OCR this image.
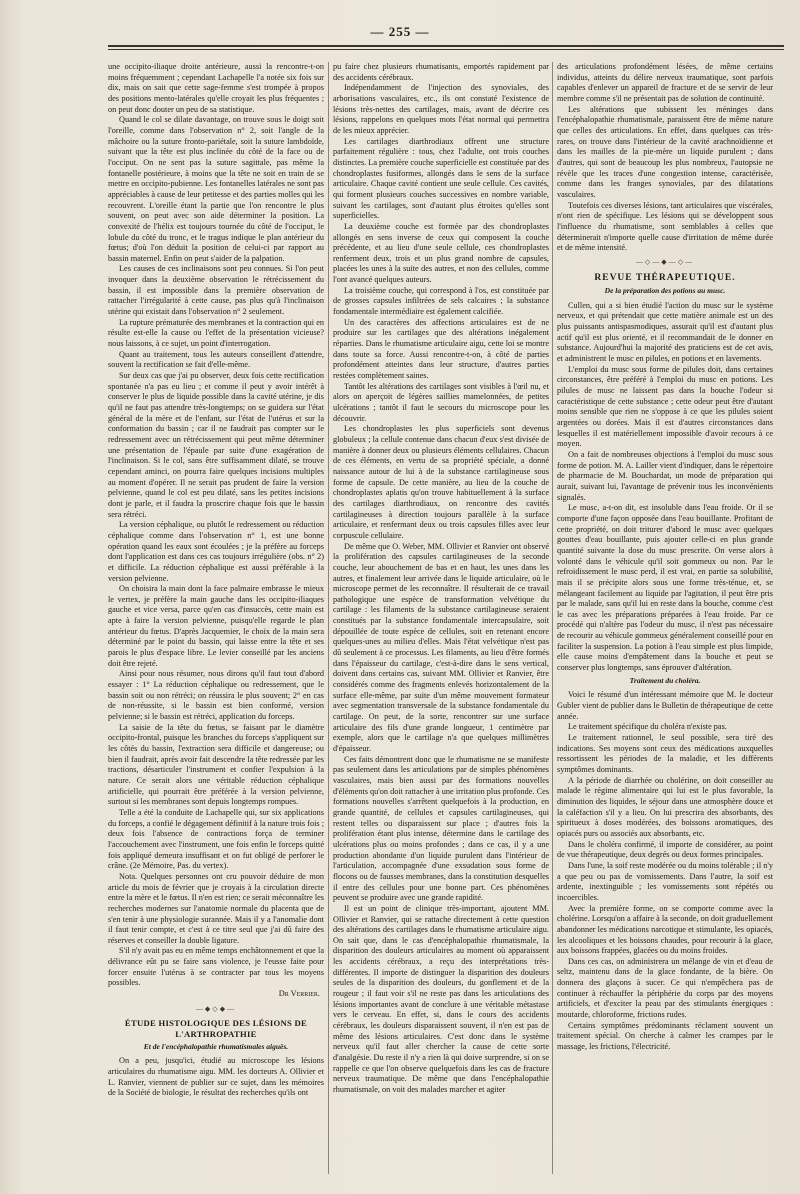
— 255 —

une occipito-iliaque droite antérieure, aussi la rencontre-t-on moins fréquemment ; cependant Lachapelle l'a notée six fois sur dix, mais on sait que cette sage-femme s'est trompée à propos des positions mento-latérales qu'elle croyait les plus fréquentes ; on peut donc douter un peu de sa statistique.

Quand le col se dilate davantage, on trouve sous le doigt soit l'oreille, comme dans l'observation n° 2, soit l'angle de la mâchoire ou la suture fronto-pariétale, soit la suture lambdoïde, suivant que la tête est plus inclinée du côté de la face ou de l'occiput. On ne sent pas la suture sagittale, pas même la fontanelle postérieure, à moins que la tête ne soit en train de se mettre en occipito-pubienne. Les fontanelles latérales ne sont pas appréciables à cause de leur petitesse et des parties molles qui les recouvrent. L'oreille étant la partie que l'on rencontre le plus souvent, on peut avec son aide déterminer la position. La convexité de l'hélix est toujours tournée du côté de l'occiput, le lobule du côté du tronc, et le tragus indique le plan antérieur du fœtus; d'où l'on déduit la position de celui-ci par rapport au bassin maternel. Enfin on peut s'aider de la palpation.

Les causes de ces inclinaisons sont peu connues. Si l'on peut invoquer dans la deuxième observation le rétrécissement du bassin, il est impossible dans la première observation de rattacher l'irrégularité à cette cause, pas plus qu'à l'inclinaison utérine qui existait dans l'observation n° 2 seulement.

La rupture prématurée des membranes et la contraction qui en résulte est-elle la cause ou l'effet de la présentation vicieuse? nous laissons, à ce sujet, un point d'interrogation.

Quant au traitement, tous les auteurs conseillent d'attendre, souvent la rectification se fait d'elle-même.

Sur deux cas que j'ai pu observer, deux fois cette rectification spontanée n'a pas eu lieu ; et comme il peut y avoir intérêt à conserver le plus de liquide possible dans la cavité utérine, je dis qu'il ne faut pas attendre très-longtemps; on se guidera sur l'état général de la mère et de l'enfant, sur l'état de l'utérus et sur la conformation du bassin ; car il ne faudrait pas compter sur le redressement avec un rétrécissement qui peut même déterminer une présentation de l'épaule par suite d'une exagération de l'inclinaison. Si le col, sans être suffisamment dilaté, se trouve cependant aminci, on pourra faire quelques incisions multiples au moment d'opérer. Il ne serait pas prudent de faire la version pelvienne, quand le col est peu dilaté, sans les petites incisions dont je parle, et il faudra la proscrire chaque fois que le bassin sera rétréci.

La version céphalique, ou plutôt le redressement ou réduction céphalique comme dans l'observation n° 1, est une bonne opération quand les eaux sont écoulées ; je la préfère au forceps dont l'application est dans ces cas toujours irrégulière (obs. n° 2) et difficile. La réduction céphalique est aussi préférable à la version pelvienne.

On choisira la main dont la face palmaire embrasse le mieux le vertex, je préfère la main gauche dans les occipito-iliaques gauche et vice versa, parce qu'en cas d'insuccès, cette main est apte à faire la version pelvienne, puisqu'elle regarde le plan antérieur du fœtus. D'après Jacquemier, le choix de la main sera déterminé par le point du bassin, qui laisse entre la tête et ses parois le plus d'espace libre. Le levier conseillé par les anciens doit être rejeté.

Ainsi pour nous résumer, nous dirons qu'il faut tout d'abord essayer : 1° La réduction céphalique ou redressement, que le bassin soit ou non rétréci; on réussira le plus souvent; 2° en cas de non-réussite, si le bassin est bien conformé, version pelvienne; si le bassin est rétréci, application du forceps.

La saisie de la tête du fœtus, se faisant par le diamètre occipito-frontal, puisque les branches du forceps s'appliquent sur les côtés du bassin, l'extraction sera difficile et dangereuse; ou bien il faudrait, après avoir fait descendre la tête redressée par les tractions, désarticuler l'instrument et confier l'expulsion à la nature. Ce serait alors une véritable réduction céphalique artificielle, qui pourrait être préférée à la version pelvienne, surtout si les membranes sont depuis longtemps rompues.

Telle a été la conduite de Lachapelle qui, sur six applications du forceps, a confié le dégagement définitif à la nature trois fois ; deux fois l'absence de contractions força de terminer l'accouchement avec l'instrument, une fois enfin le forceps quitté fois appliqué demeura insuffisant et on fut obligé de perforer le crâne. (2e Mémoire, Pas. du vertex).

Nota. Quelques personnes ont cru pouvoir déduire de mon article du mois de février que je croyais à la circulation directe entre la mère et le fœtus. Il n'en est rien; ce serait méconnaître les recherches modernes sur l'anatomie normale du placenta que de s'en tenir à une physiologie surannée. Mais il y a l'anomalie dont il faut tenir compte, et c'est à ce titre seul que j'ai dû faire des réserves et conseiller la double ligature.

S'il n'y avait pas eu en même temps enchâtonnement et que la délivrance eût pu se faire sans violence, je l'eusse faite pour forcer ensuite l'utérus à se contracter par tous les moyens possibles.

Dr Verrier.
—◆◇◆—
ÉTUDE HISTOLOGIQUE DES LÉSIONS DE L'ARTHROPATHIE
Et de l'encéphalopathie rhumatismales aiguës.

On a peu, jusqu'ici, étudié au microscope les lésions articulaires du rhumatisme aigu. MM. les docteurs A. Ollivier et L. Ranvier, viennent de publier sur ce sujet, dans les mémoires de la Société de biologie, le résultat des recherches qu'ils ont

pu faire chez plusieurs rhumatisants, emportés rapidement par des accidents cérébraux.

Indépendamment de l'injection des synoviales, des arborisations vasculaires, etc., ils ont constaté l'existence de lésions très-nettes des cartilages, mais, avant de décrire ces lésions, rappelons en quelques mots l'état normal qui permettra de les mieux apprécier.

Les cartilages diarthrodiaux offrent une structure parfaitement régulière : tous, chez l'adulte, ont trois couches distinctes. La première couche superficielle est constituée par des chondroplastes fusiformes, allongés dans le sens de la surface articulaire. Chaque cavité contient une seule cellule. Ces cavités, qui forment plusieurs couches successives en nombre variable, suivant les cartilages, sont d'autant plus étroites qu'elles sont superficielles.

La deuxième couche est formée par des chondroplastes allongés en sens inverse de ceux qui composent la couche précédente, et au lieu d'une seule cellule, ces chondroplastes renferment deux, trois et un plus grand nombre de capsules, placées les unes à la suite des autres, et non des cellules, comme l'ont avancé quelques auteurs.

La troisième couche, qui correspond à l'os, est constituée par de grosses capsules infiltrées de sels calcaires ; la substance fondamentale intermédiaire est également calcifiée.

Un des caractères des affections articulaires est de ne produire sur les cartilages que des altérations inégalement réparties. Dans le rhumatisme articulaire aigu, cette loi se montre dans toute sa force. Aussi rencontre-t-on, à côté de parties profondément atteintes dans leur structure, d'autres parties restées complètement saines.

Tantôt les altérations des cartilages sont visibles à l'œil nu, et alors on aperçoit de légères saillies mamelonnées, de petites ulcérations ; tantôt il faut le secours du microscope pour les découvrir.

Les chondroplastes les plus superficiels sont devenus globuleux ; la cellule contenue dans chacun d'eux s'est divisée de manière à donner deux ou plusieurs éléments cellulaires. Chacun de ces éléments, en vertu de sa propriété spéciale, a donné naissance autour de lui à de la substance cartilagineuse sous forme de capsule. De cette manière, au lieu de la couche de chondroplastes aplatis qu'on trouve habituellement à la surface des cartilages diarthrodiaux, on rencontre des cavités cartilagineuses à direction toujours parallèle à la surface articulaire, et renfermant deux ou trois capsules filles avec leur corpuscule cellulaire.

De même que O. Weber, MM. Ollivier et Ranvier ont observé la prolifération des capsules cartilagineuses de la seconde couche, leur abouchement de bas et en haut, les unes dans les autres, et finalement leur arrivée dans le liquide articulaire, où le microscope permet de les reconnaître. Il résulterait de ce travail pathologique une espèce de transformation velvétique du cartilage : les filaments de la substance cartilagineuse seraient constitués par la substance fondamentale intercapsulaire, soit dépouillée de toute espèce de cellules, soit en retenant encore quelques-unes au milieu d'elles. Mais l'état velvétique n'est pas dû seulement à ce processus. Les filaments, au lieu d'être formés dans l'épaisseur du cartilage, c'est-à-dire dans le sens vertical, doivent dans certains cas, suivant MM. Ollivier et Ranvier, être considérés comme des fragments enlevés horizontalement de la surface elle-même, par suite d'un même mouvement formateur avec segmentation transversale de la substance fondamentale du cartilage. On peut, de la sorte, rencontrer sur une surface articulaire des fils d'une grande longueur, 1 centimètre par exemple, alors que le cartilage n'a que quelques millimètres d'épaisseur.

Ces faits démontrent donc que le rhumatisme ne se manifeste pas seulement dans les articulations par de simples phénomènes vasculaires, mais bien aussi par des formations nouvelles d'éléments qu'on doit rattacher à une irritation plus profonde. Ces formations nouvelles s'arrêtent quelquefois à la production, en grande quantité, de cellules et capsules cartilagineuses, qui restent telles ou disparaissent sur place ; d'autres fois la prolifération étant plus intense, détermine dans le cartilage des ulcérations plus ou moins profondes ; dans ce cas, il y a une production abondante d'un liquide purulent dans l'intérieur de l'articulation, accompagnée d'une exsudation sous forme de flocons ou de fausses membranes, dans la constitution desquelles il entre des cellules pour une bonne part. Ces phénomènes peuvent se produire avec une grande rapidité.

Il est un point de clinique très-important, ajoutent MM. Ollivier et Ranvier, qui se rattache directement à cette question des altérations des cartilages dans le rhumatisme articulaire aigu. On sait que, dans le cas d'encéphalopathie rhumatismale, la disparition des douleurs articulaires au moment où apparaissent les accidents cérébraux, a reçu des interprétations très-différentes. Il importe de distinguer la disparition des douleurs seules de la disparition des douleurs, du gonflement et de la rougeur ; il faut voir s'il ne reste pas dans les articulations des lésions importantes avant de conclure à une véritable métastase vers le cerveau. En effet, si, dans le cours des accidents cérébraux, les douleurs disparaissent souvent, il n'en est pas de même des lésions articulaires. C'est donc dans le système nerveux qu'il faut aller chercher la cause de cette sorte d'analgésie. Du reste il n'y a rien là qui doive surprendre, si on se rappelle ce que l'on observe quelquefois dans les cas de fracture nerveux traumatique. De même que dans l'encéphalopathie rhumatismale, on voit des malades marcher et agiter

des articulations profondément lésées, de même certains individus, atteints du délire nerveux traumatique, sont parfois capables d'enlever un appareil de fracture et de se servir de leur membre comme s'il ne présentait pas de solution de continuité.

Les altérations que subissent les méninges dans l'encéphalopathie rhumatismale, paraissent être de même nature que celles des articulations. En effet, dans quelques cas très-rares, on trouve dans l'intérieur de la cavité arachnoïdienne et dans les mailles de la pie-mère un liquide purulent ; dans d'autres, qui sont de beaucoup les plus nombreux, l'autopsie ne révèle que les traces d'une congestion intense, caractérisée, comme dans les franges synoviales, par des dilatations vasculaires.

Toutefois ces diverses lésions, tant articulaires que viscérales, n'ont rien de spécifique. Les lésions qui se développent sous l'influence du rhumatisme, sont semblables à celles que déterminerait n'importe quelle cause d'irritation de même durée et de même intensité.

—◇—◆—◇—
REVUE THÉRAPEUTIQUE.
De la préparation des potions au musc.

Cullen, qui a si bien étudié l'action du musc sur le système nerveux, et qui prétendait que cette matière animale est un des plus puissants antispasmodiques, assurait qu'il est d'autant plus actif qu'il est plus orienté, et il recommandait de le donner en substance. Aujourd'hui la majorité des praticiens est de cet avis, et administrent le musc en pilules, en potions et en lavements.

L'emploi du musc sous forme de pilules doit, dans certaines circonstances, être préféré à l'emploi du musc en potions. Les pilules de musc ne laissent pas dans la bouche l'odeur si caractéristique de cette substance ; cette odeur peut être d'autant moins sensible que rien ne s'oppose à ce que les pilules soient argentées ou dorées. Mais il est d'autres circonstances dans lesquelles il est matériellement impossible d'avoir recours à ce moyen.

On a fait de nombreuses objections à l'emploi du musc sous forme de potion. M. A. Lailler vient d'indiquer, dans le répertoire de pharmacie de M. Bouchardat, un mode de préparation qui aurait, suivant lui, l'avantage de prévenir tous les inconvénients signalés.

Le musc, a-t-on dit, est insoluble dans l'eau froide. Or il se comporte d'une façon opposée dans l'eau bouillante. Profitant de cette propriété, on doit triturer d'abord le musc avec quelques gouttes d'eau bouillante, puis ajouter celle-ci en plus grande quantité suivante la dose du musc prescrite. On verse alors à volonté dans le véhicule qu'il soit gommeux ou non. Par le refroidissement le musc perd, il est vrai, en partie sa solubilité, mais il se précipite alors sous une forme très-ténue, et, se mélangeant facilement au liquide par l'agitation, il peut être pris par le malade, sans qu'il lui en reste dans la bouche, comme c'est le cas avec les préparations préparées à l'eau froide. Par ce procédé qui n'altère pas l'odeur du musc, il n'est pas nécessaire de recourir au véhicule gommeux généralement conseillé pour en faciliter la suspension. La potion à l'eau simple est plus limpide, elle cause moins d'empâtement dans la bouche et peut se conserver plus longtemps, sans éprouver d'altération.

Traitement du choléra.

Voici le résumé d'un intéressant mémoire que M. le docteur Gubler vient de publier dans le Bulletin de thérapeutique de cette année.

Le traitement spécifique du choléra n'existe pas.

Le traitement rationnel, le seul possible, sera tiré des indications. Ses moyens sont ceux des médications auxquelles ressortissent les périodes de la maladie, et les différents symptômes dominants.

A la période de diarrhée ou cholérine, on doit conseiller au malade le régime alimentaire qui lui est le plus favorable, la diminution des liquides, le séjour dans une atmosphère douce et la caléfaction s'il y a lieu. On lui prescrira des absorbants, des spiritueux à doses modérées, des boissons aromatiques, des opiacés purs ou associés aux absorbants, etc.

Dans le choléra confirmé, il importe de considérer, au point de vue thérapeutique, deux degrés ou deux formes principales.

Dans l'une, la soif reste modérée ou du moins tolérable ; il n'y a que peu ou pas de vomissements. Dans l'autre, la soif est ardente, inextinguible ; les vomissements sont répétés ou incoercibles.

Avec la première forme, on se comporte comme avec la cholérine. Lorsqu'on a affaire à la seconde, on doit graduellement abandonner les médications narcotique et stimulante, les opiacés, les alcooliques et les boissons chaudes, pour recourir à la glace, aux boissons frappées, glacées ou du moins froides.

Dans ces cas, on administrera un mélange de vin et d'eau de seltz, maintenu dans de la glace fondante, de la bière. On donnera des glaçons à sucer. Ce qui n'empêchera pas de continuer à réchauffer la périphérie du corps par des moyens artificiels, et d'exciter la peau par des stimulants énergiques : moutarde, chloroforme, frictions rudes.

Certains symptômes prédominants réclament souvent un traitement spécial. On cherche à calmer les crampes par le massage, les frictions, l'électricité.
